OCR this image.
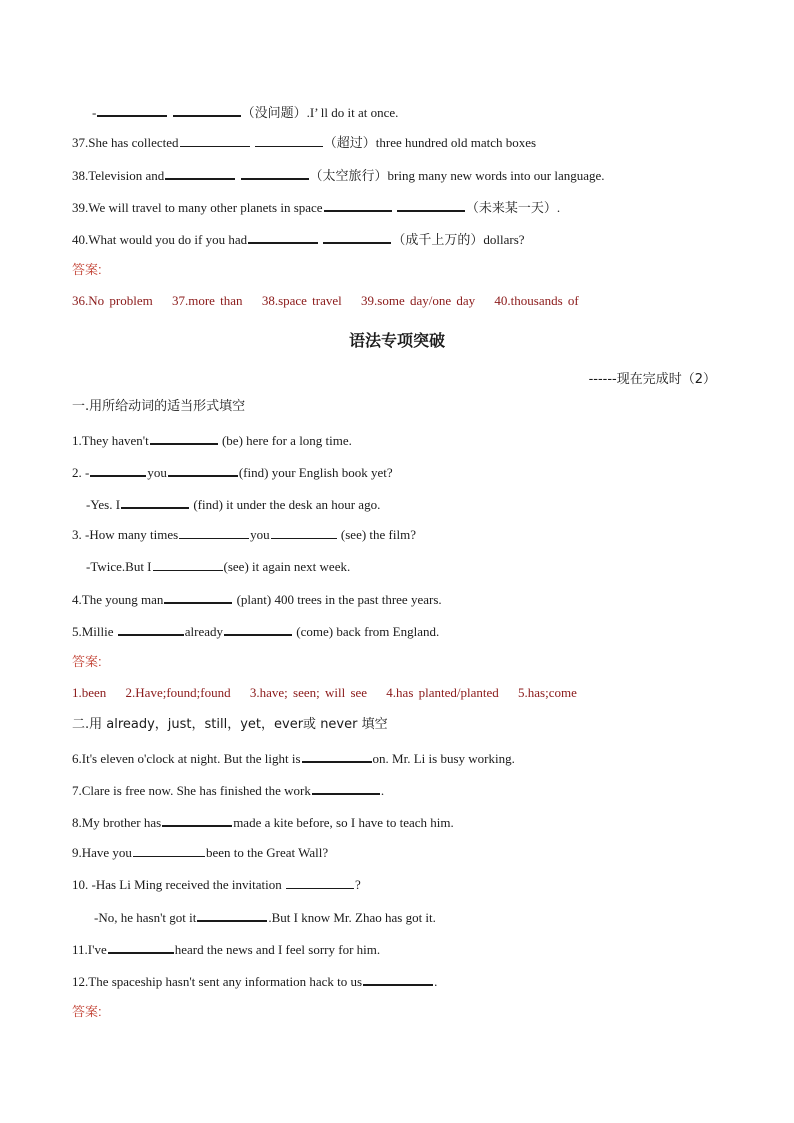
-	（没问题）.I’ ll do it at once.
37.She has collected	（超过）three hundred old match boxes
38.Television and	（太空旅行）bring many new words into our language.
39.We will travel to many other planets in space	（未来某一天）.
40.What would you do if you had	（成千上万的）dollars?
答案:
36.No problem 37.more than 38.space travel 39.some day/one day 40.thousands of
语法专项突破
------现在完成时（2）
一.用所给动词的适当形式填空
1.They haven't	(be) here for a long time.
2. -	you	(find) your English book yet?
-Yes. I	(find) it under the desk an hour ago.
3. -How many times	you	(see) the film?
-Twice.But I	(see) it again next week.
4.The young man	(plant) 400 trees in the past three years.
5.Millie	already	(come) back from England.
答案:
1.been 2.Have;found;found 3.have; seen; will see 4.has planted/planted 5.has;come
二.用 already，just，still，yet，ever或 never 填空
6.It's eleven o'clock at night. But the light is	on. Mr. Li is busy working.
7.Clare is free now. She has finished the work	.
8.My brother has	made a kite before, so I have to teach him.
9.Have you	been to the Great Wall?
10. -Has Li Ming received the invitation	?
-No, he hasn't got it	.But I know Mr. Zhao has got it.
11.I've	heard the news and I feel sorry for him.
12.The spaceship hasn't sent any information hack to us	.
答案:
